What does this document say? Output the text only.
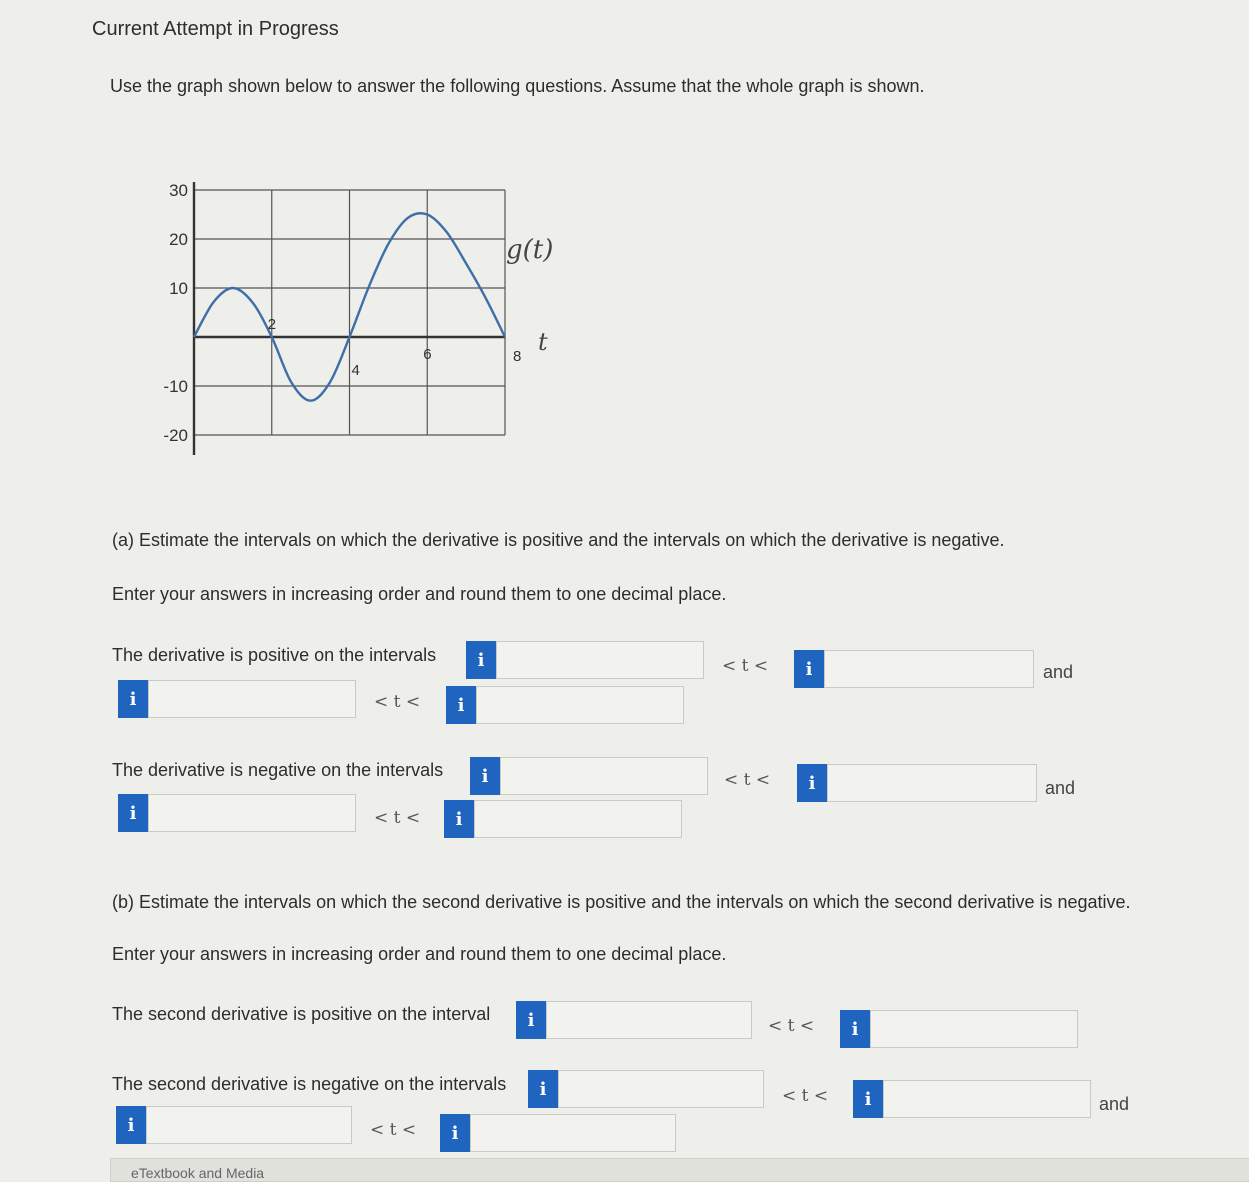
Current Attempt in Progress
Use the graph shown below to answer the following questions. Assume that the whole graph is shown.
30
20
10
-10
-20
2
4
6	8
g(t)
t
(a) Estimate the intervals on which the derivative is positive and the intervals on which the derivative is negative.
Enter your answers in increasing order and round them to one decimal place.
The derivative is positive on the intervals	i	< t <	i	and
i	< t <	i
The derivative is negative on the intervals	i	< t <	i	and
i	< t <	i
(b) Estimate the intervals on which the second derivative is positive and the intervals on which the second derivative is negative.
Enter your answers in increasing order and round them to one decimal place.
The second derivative is positive on the interval	i	< t <	i
The second derivative is negative on the intervals	i	< t <	i	and
i	< t <	i
eTextbook and Media
